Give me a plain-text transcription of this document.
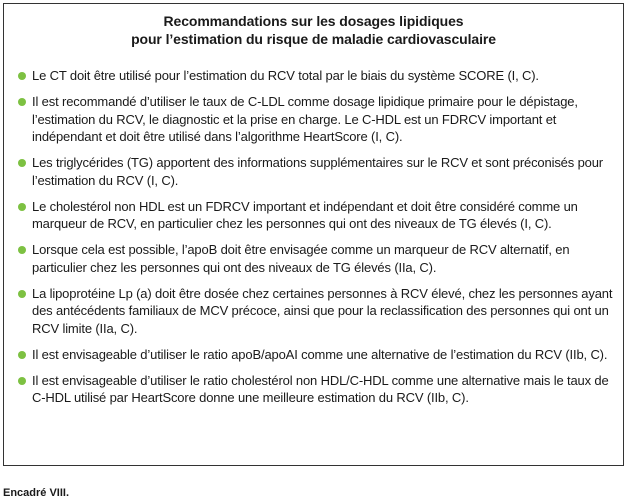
Recommandations sur les dosages lipidiques
pour l’estimation du risque de maladie cardiovasculaire
Le CT doit être utilisé pour l’estimation du RCV total par le biais du système SCORE (I, C).
Il est recommandé d’utiliser le taux de C-LDL comme dosage lipidique primaire pour le dépistage, l’estimation du RCV, le diagnostic et la prise en charge. Le C-HDL est un FDRCV important et indépendant et doit être utilisé dans l’algorithme HeartScore (I, C).
Les triglycérides (TG) apportent des informations supplémentaires sur le RCV et sont préconisés pour l’estimation du RCV (I, C).
Le cholestérol non HDL est un FDRCV important et indépendant et doit être considéré comme un marqueur de RCV, en particulier chez les personnes qui ont des niveaux de TG élevés (I, C).
Lorsque cela est possible, l’apoB doit être envisagée comme un marqueur de RCV alternatif, en particulier chez les personnes qui ont des niveaux de TG élevés (IIa, C).
La lipoprotéine Lp (a) doit être dosée chez certaines personnes à RCV élevé, chez les personnes ayant des antécédents familiaux de MCV précoce, ainsi que pour la reclassification des personnes qui ont un RCV limite (IIa, C).
Il est envisageable d’utiliser le ratio apoB/apoAI comme une alternative de l’estimation du RCV (IIb, C).
Il est envisageable d’utiliser le ratio cholestérol non HDL/C-HDL comme une alternative mais le taux de C-HDL utilisé par HeartScore donne une meilleure estimation du RCV (IIb, C).
Encadré VIII.
